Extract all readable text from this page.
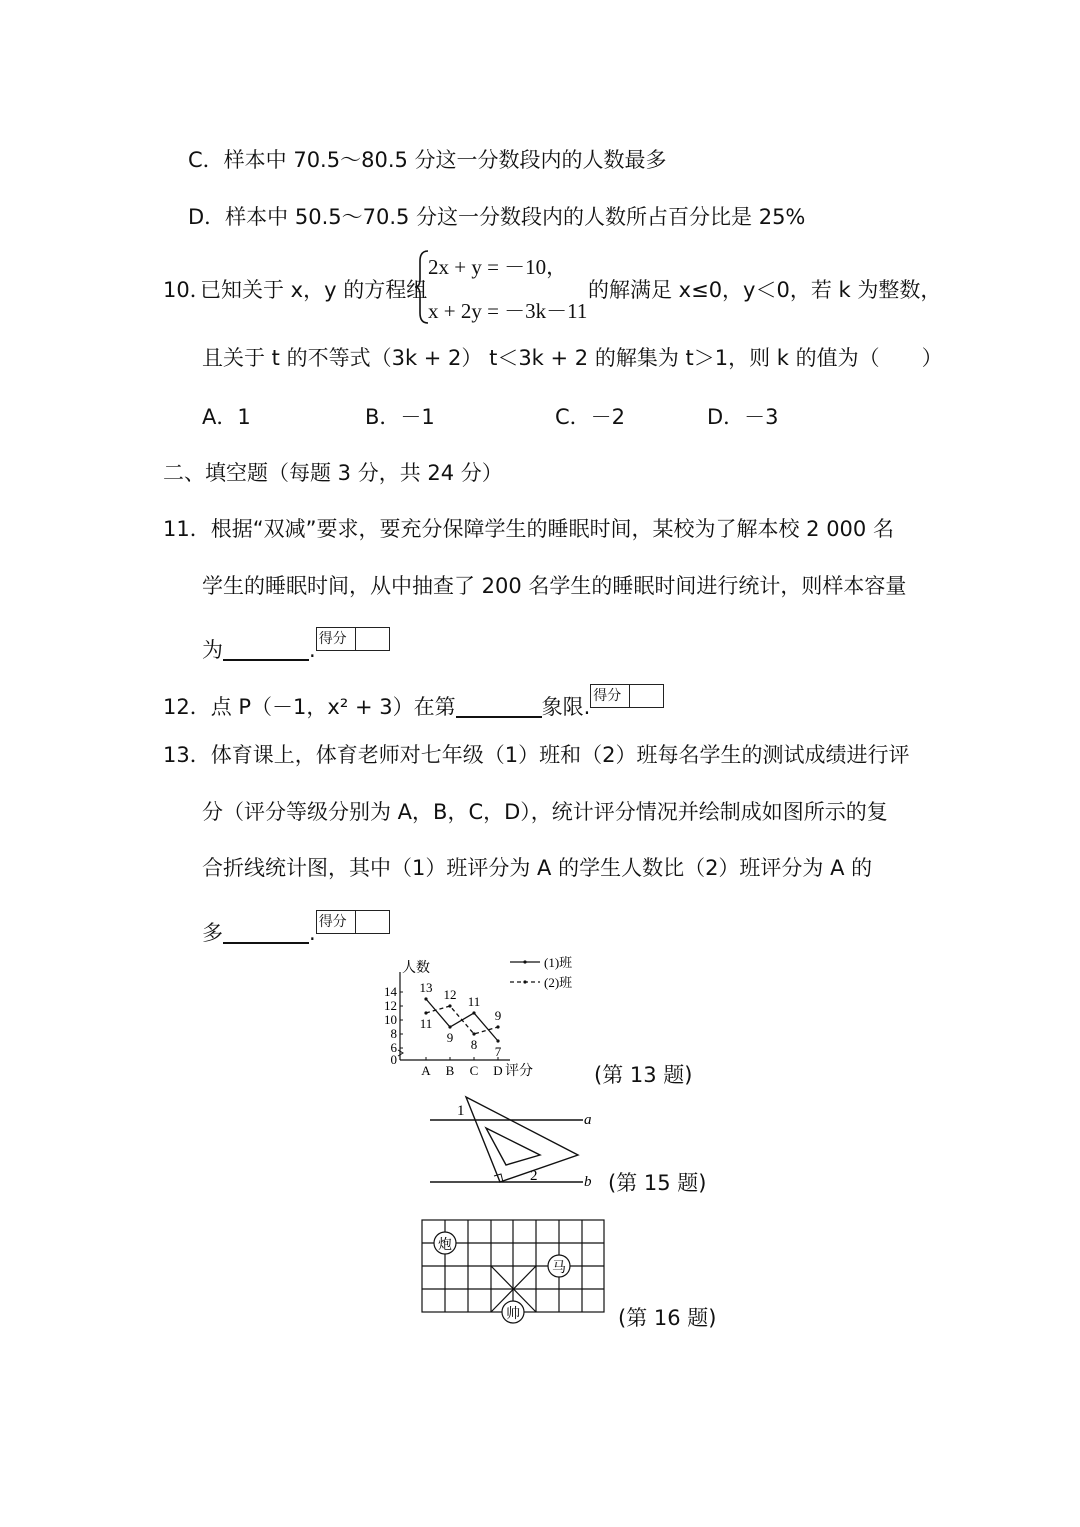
C．样本中 70.5～80.5 分这一分数段内的人数最多
D．样本中 50.5～70.5 分这一分数段内的人数所占百分比是 25%
10．
已知关于 x，y 的方程组
2x + y = －10，
x + 2y = －3k－11
的解满足 x≤0，y＜0，若 k 为整数，
且关于 t 的不等式（3k + 2） t＜3k + 2 的解集为 t＞1，则 k 的值为（　　）
A．1	B．－1	C．－2	D．－3
二、填空题（每题 3 分，共 24 分）
11．根据“双减”要求，要充分保障学生的睡眠时间，某校为了解本校 2 000 名
学生的睡眠时间，从中抽查了 200 名学生的睡眠时间进行统计，则样本容量
为	. 得分
12．点 P（－1，x² + 3）在第	象限. 得分
13．体育课上，体育老师对七年级（1）班和（2）班每名学生的测试成绩进行评
分（评分等级分别为 A，B，C，D），统计评分情况并绘制成如图所示的复
合折线统计图，其中（1）班评分为 A 的学生人数比（2）班评分为 A 的
多	. 得分
0
6
8
10
12
14
人数
A B C D 评分
13
9
11
7
(1)班
11
12
8
9
(2)班
(第 13 题)
a
b
1
2	(第 15 题)
炮
马
帅	(第 16 题)
